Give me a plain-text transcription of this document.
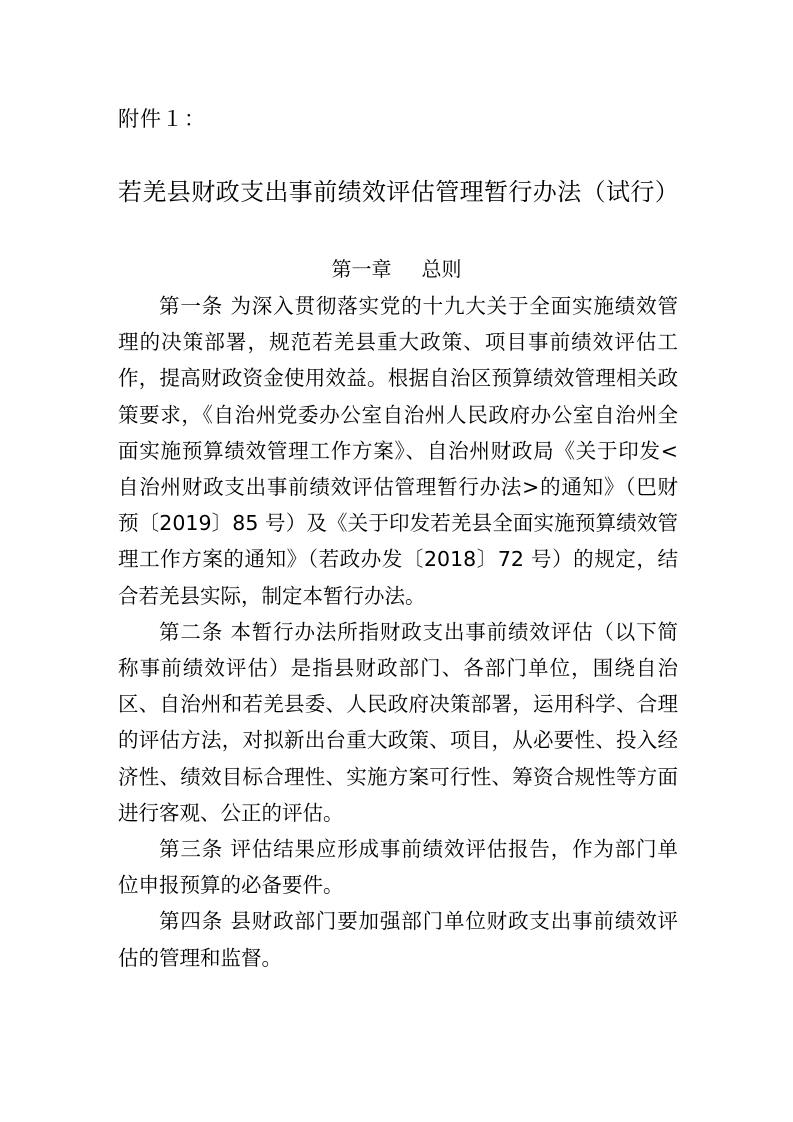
附件１：
若羌县财政支出事前绩效评估管理暂行办法（试行）
第一章 总则

第一条 为深入贯彻落实党的十九大关于全面实施绩效管理的决策部署，规范若羌县重大政策、项目事前绩效评估工作，提高财政资金使用效益。根据自治区预算绩效管理相关政策要求，《自治州党委办公室自治州人民政府办公室自治州全面实施预算绩效管理工作方案》、自治州财政局《关于印发<自治州财政支出事前绩效评估管理暂行办法>的通知》（巴财预〔2019〕85 号）及《关于印发若羌县全面实施预算绩效管理工作方案的通知》（若政办发〔2018〕72 号）的规定，结合若羌县实际，制定本暂行办法。

第二条 本暂行办法所指财政支出事前绩效评估（以下简称事前绩效评估）是指县财政部门、各部门单位，围绕自治区、自治州和若羌县委、人民政府决策部署，运用科学、合理的评估方法，对拟新出台重大政策、项目，从必要性、投入经济性、绩效目标合理性、实施方案可行性、筹资合规性等方面进行客观、公正的评估。

第三条 评估结果应形成事前绩效评估报告，作为部门单位申报预算的必备要件。

第四条 县财政部门要加强部门单位财政支出事前绩效评估的管理和监督。
